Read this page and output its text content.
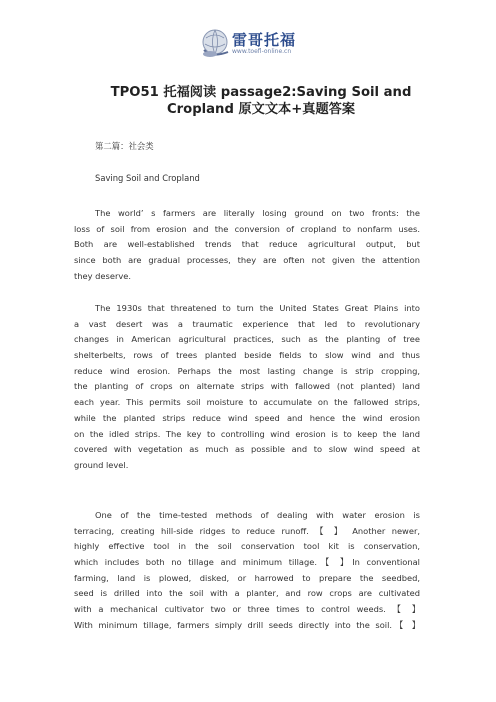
雷哥托福
www.toefl-online.cn
TPO51 托福阅读 passage2:Saving Soil and
Cropland 原文文本+真题答案
第二篇：社会类
Saving Soil and Cropland
The world’ s farmers are literally losing ground on two fronts: the
loss of soil from erosion and the conversion of cropland to nonfarm uses.
Both are well-established trends that reduce agricultural output, but
since both are gradual processes, they are often not given the attention
they deserve.
The 1930s that threatened to turn the United States Great Plains into
a vast desert was a traumatic experience that led to revolutionary
changes in American agricultural practices, such as the planting of tree
shelterbelts, rows of trees planted beside fields to slow wind and thus
reduce wind erosion. Perhaps the most lasting change is strip cropping,
the planting of crops on alternate strips with fallowed (not planted) land
each year. This permits soil moisture to accumulate on the fallowed strips,
while the planted strips reduce wind speed and hence the wind erosion
on the idled strips. The key to controlling wind erosion is to keep the land
covered with vegetation as much as possible and to slow wind speed at
ground level.
One of the time-tested methods of dealing with water erosion is
terracing, creating hill-side ridges to reduce runoff. 【 】 Another newer,
highly effective tool in the soil conservation tool kit is conservation,
which includes both no tillage and minimum tillage.【 】In conventional
farming, land is plowed, disked, or harrowed to prepare the seedbed,
seed is drilled into the soil with a planter, and row crops are cultivated
with a mechanical cultivator two or three times to control weeds. 【 】
With minimum tillage, farmers simply drill seeds directly into the soil.【 】
